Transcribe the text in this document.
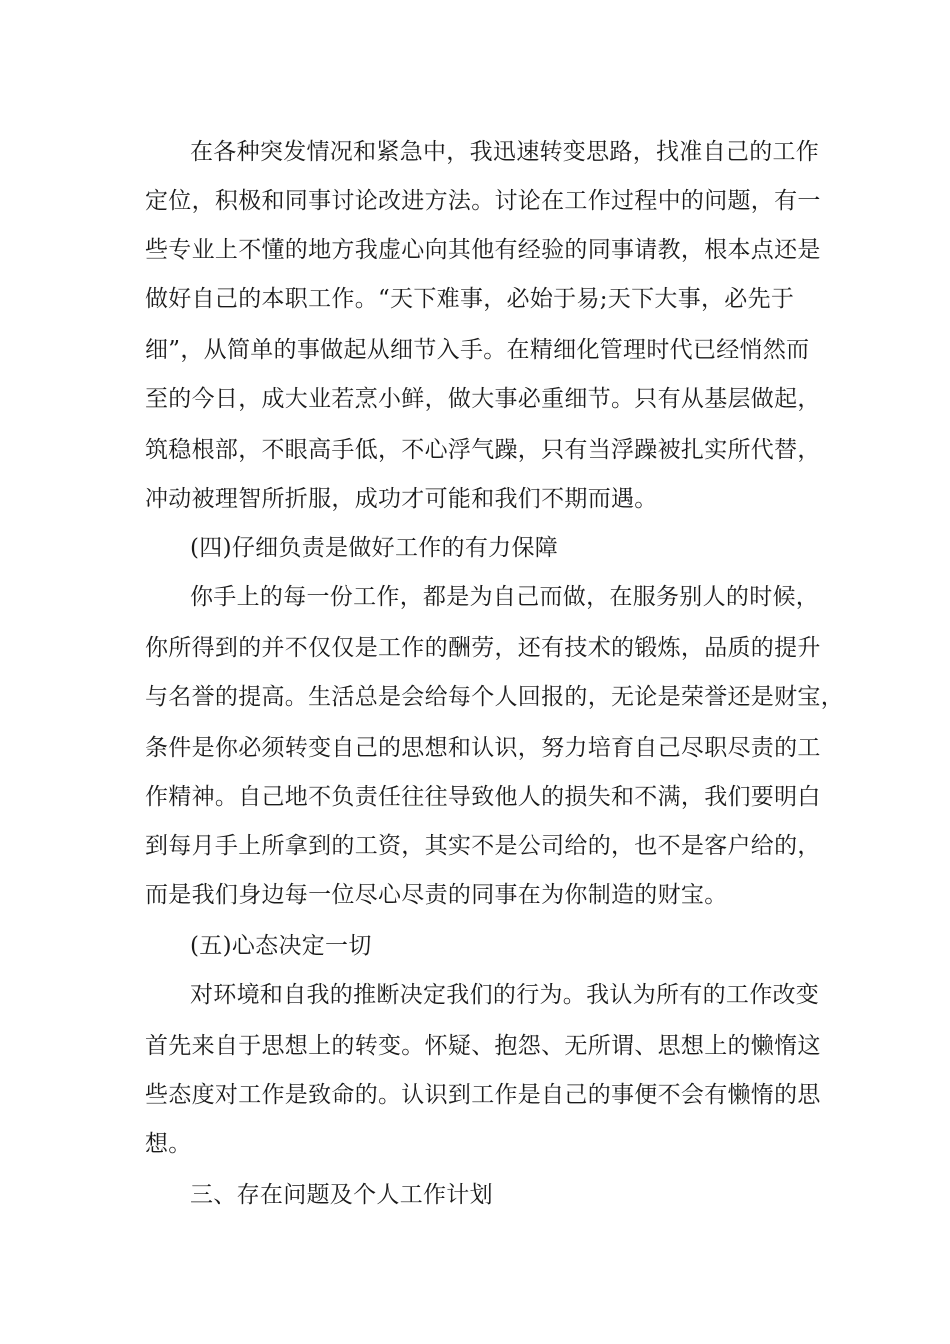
在各种突发情况和紧急中，我迅速转变思路，找准自己的工作
定位，积极和同事讨论改进方法。讨论在工作过程中的问题，有一
些专业上不懂的地方我虚心向其他有经验的同事请教，根本点还是
做好自己的本职工作。“天下难事，必始于易;天下大事，必先于
细”，从简单的事做起从细节入手。在精细化管理时代已经悄然而
至的今日，成大业若烹小鲜，做大事必重细节。只有从基层做起，
筑稳根部，不眼高手低，不心浮气躁，只有当浮躁被扎实所代替，
冲动被理智所折服，成功才可能和我们不期而遇。
(四)仔细负责是做好工作的有力保障
你手上的每一份工作，都是为自己而做，在服务别人的时候，
你所得到的并不仅仅是工作的酬劳，还有技术的锻炼，品质的提升
与名誉的提高。生活总是会给每个人回报的，无论是荣誉还是财宝，
条件是你必须转变自己的思想和认识，努力培育自己尽职尽责的工
作精神。自己地不负责任往往导致他人的损失和不满，我们要明白
到每月手上所拿到的工资，其实不是公司给的，也不是客户给的，
而是我们身边每一位尽心尽责的同事在为你制造的财宝。
(五)心态决定一切
对环境和自我的推断决定我们的行为。我认为所有的工作改变
首先来自于思想上的转变。怀疑、抱怨、无所谓、思想上的懒惰这
些态度对工作是致命的。认识到工作是自己的事便不会有懒惰的思
想。
三、存在问题及个人工作计划
